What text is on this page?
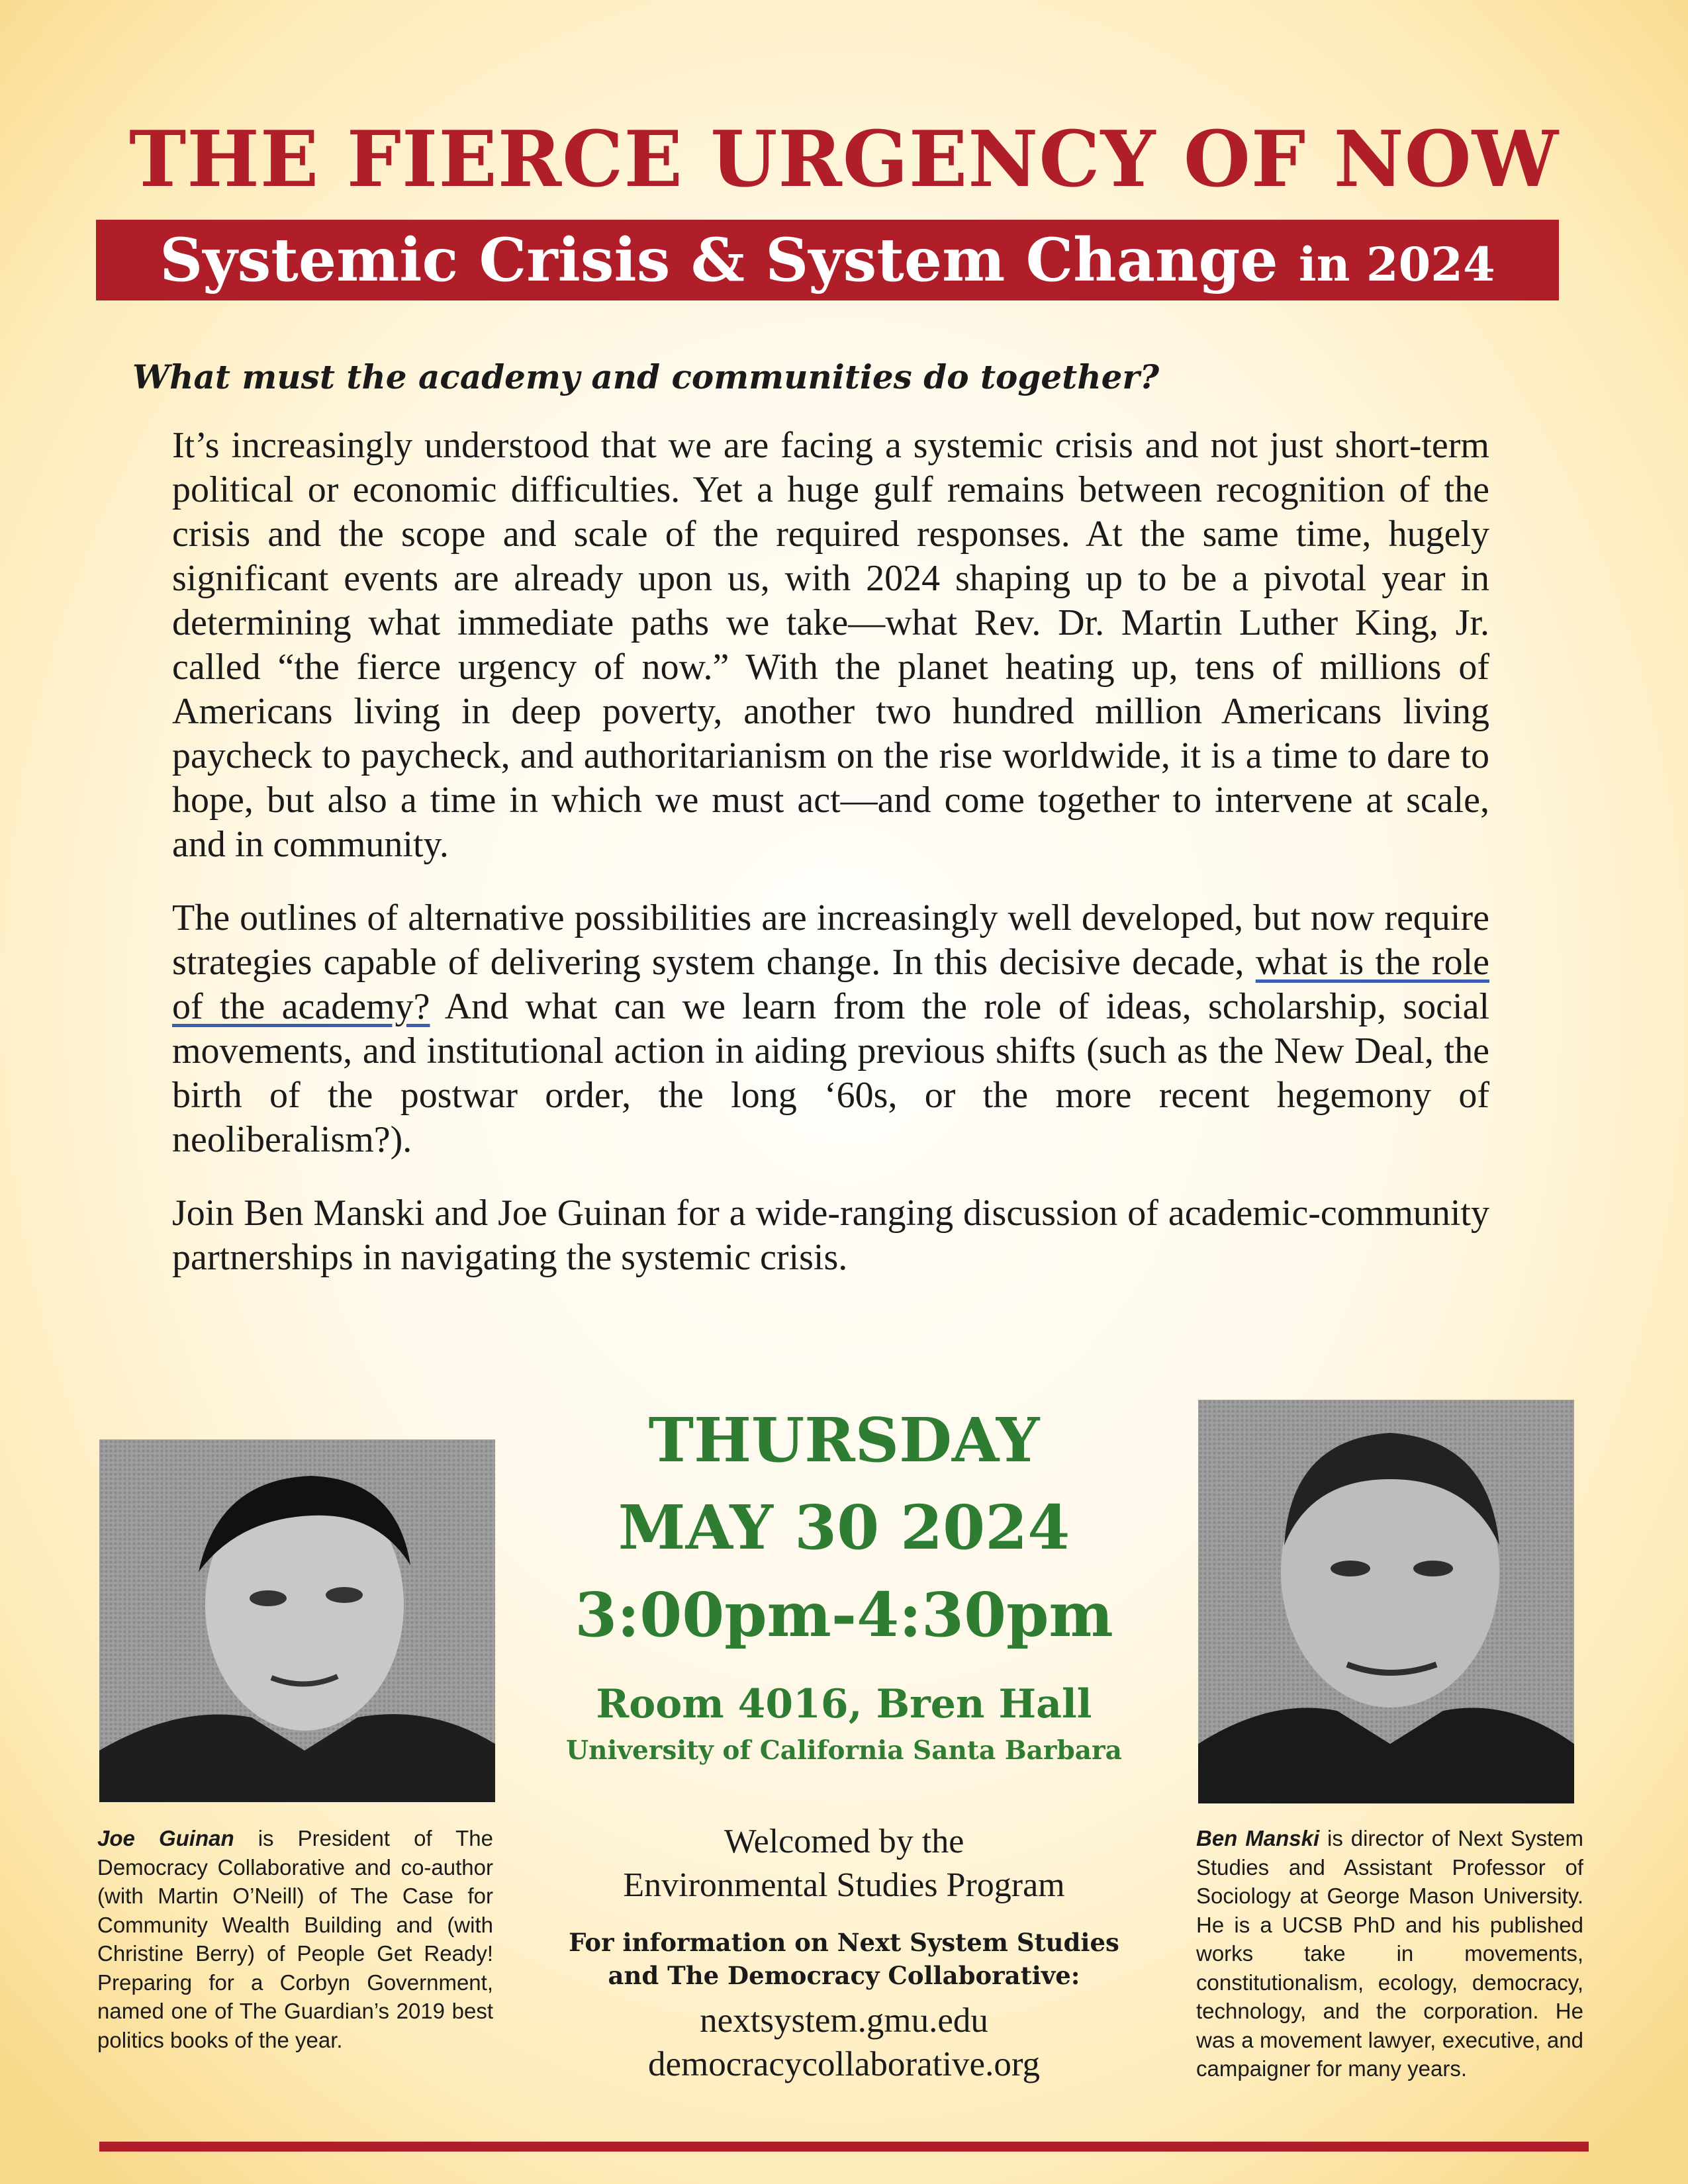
THE FIERCE URGENCY OF NOW
Systemic Crisis & System Change in 2024
What must the academy and communities do together?

It’s increasingly understood that we are facing a systemic crisis and not just short-term political or economic difficulties. Yet a huge gulf remains between recognition of the crisis and the scope and scale of the required responses. At the same time, hugely significant events are already upon us, with 2024 shaping up to be a pivotal year in determining what immediate paths we take—what Rev. Dr. Martin Luther King, Jr. called “the fierce urgency of now.” With the planet heating up, tens of millions of Americans living in deep poverty, another two hundred million Americans living paycheck to paycheck, and authoritarianism on the rise worldwide, it is a time to dare to hope, but also a time in which we must act—and come together to intervene at scale, and in community.

The outlines of alternative possibilities are increasingly well developed, but now require strategies capable of delivering system change. In this decisive decade, what is the role of the academy? And what can we learn from the role of ideas, scholarship, social movements, and institutional action in aiding previous shifts (such as the New Deal, the birth of the postwar order, the long ‘60s, or the more recent hegemony of neoliberalism?).

Join Ben Manski and Joe Guinan for a wide-ranging discussion of academic-community partnerships in navigating the systemic crisis.

Joe Guinan is President of The Democracy Collaborative and co-author (with Martin O’Neill) of The Case for Community Wealth Building and (with Christine Berry) of People Get Ready! Preparing for a Corbyn Government, named one of The Guardian’s 2019 best politics books of the year.
Ben Manski is director of Next System Studies and Assistant Professor of Sociology at George Mason University. He is a UCSB PhD and his published works take in movements, constitutionalism, ecology, democracy, technology, and the corporation. He was a movement lawyer, executive, and campaigner for many years.
THURSDAY
MAY 30 2024
3:00pm-4:30pm
Room 4016, Bren Hall
University of California Santa Barbara
Welcomed by the
Environmental Studies Program
For information on Next System Studies
and The Democracy Collaborative:
nextsystem.gmu.edu
democracycollaborative.org
